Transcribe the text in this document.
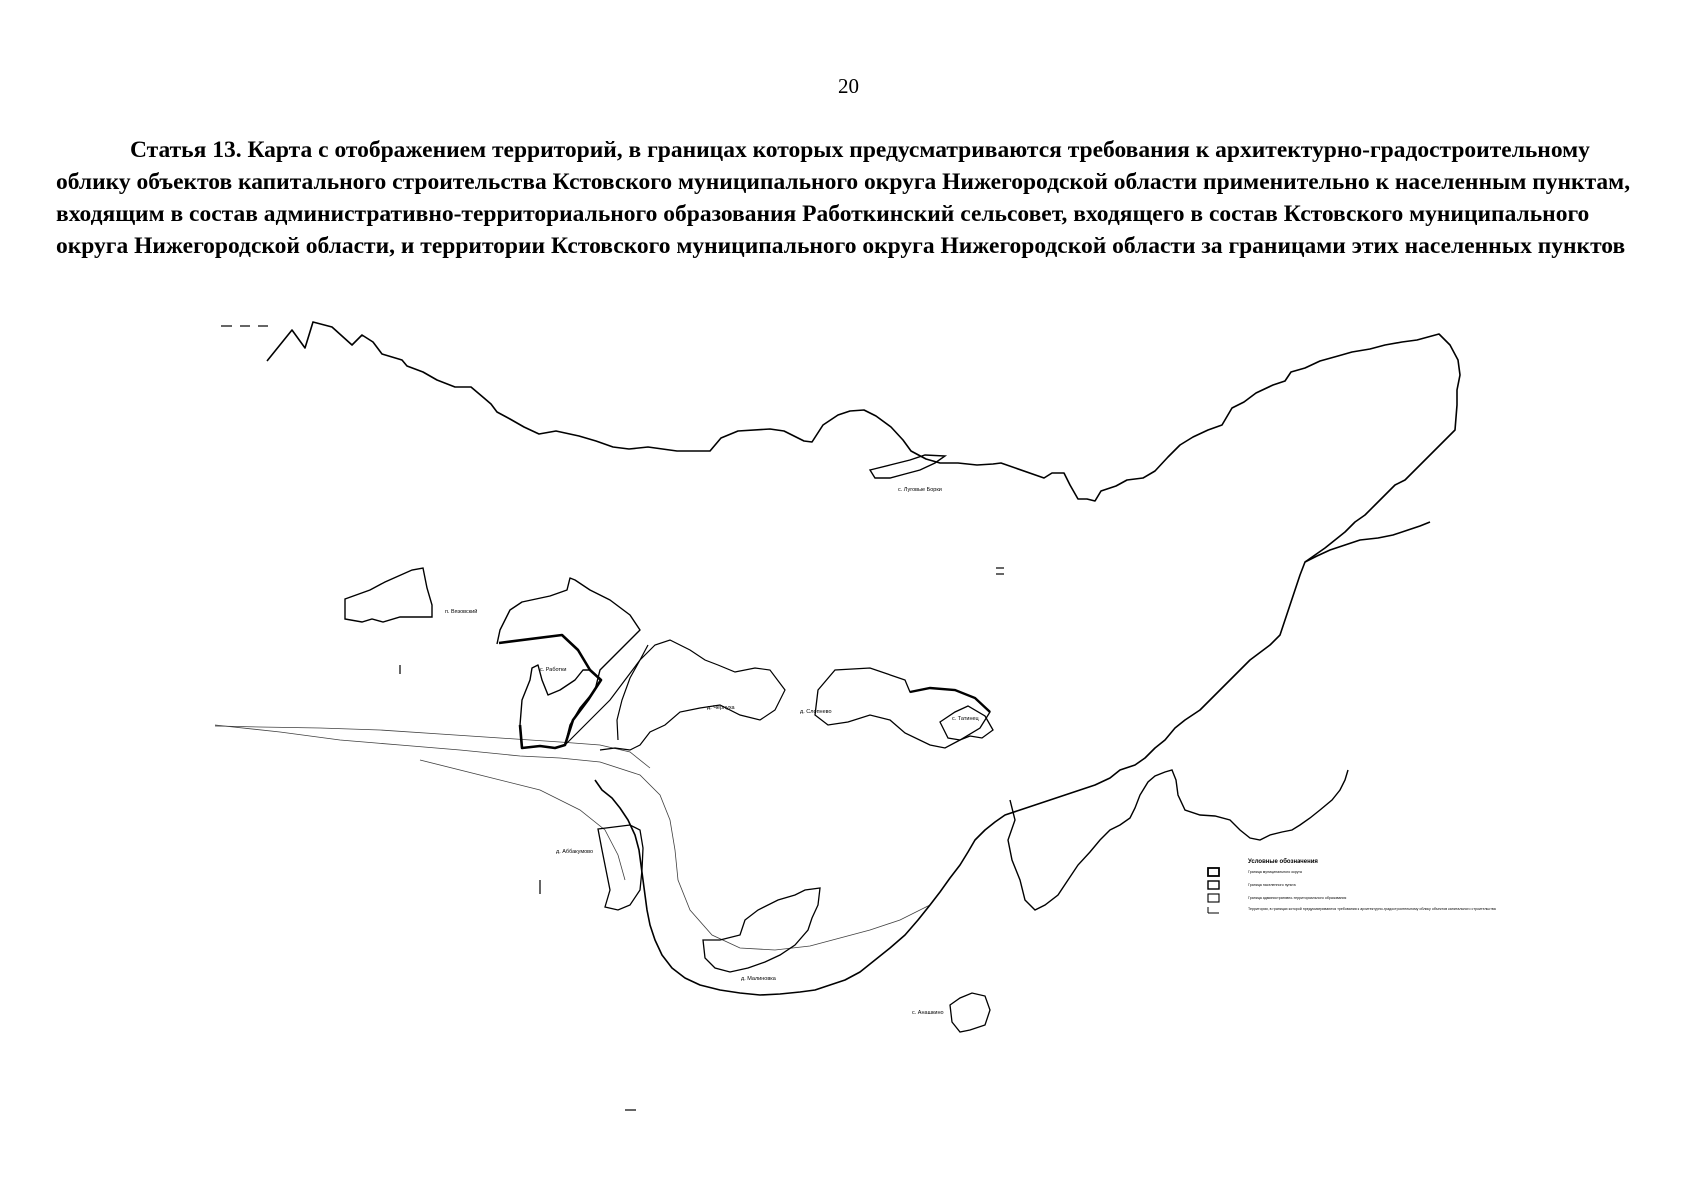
20
Статья 13. Карта с отображением территорий, в границах которых предусматриваются требования к архитектурно-градостроительному облику объектов капитального строительства Кстовского муниципального округа Нижегородской области применительно к населенным пунктам, входящим в состав административно-территориального образования Работкинский сельсовет, входящего в состав Кстовского муниципального округа Нижегородской области, и территории Кстовского муниципального округа Нижегородской области за границами этих населенных пунктов
с. Луговые Борки
п. Вязовский
с. Работки
д. Чернуха
д. Слопнево
с. Татинец
д. Аббакумово
д. Малиновка
с. Анашкино
Условные обозначения
Граница муниципального округа
Граница населенного пункта
Граница административно-территориального образования
Территории, в границах которой предусматриваются требования к архитектурно-градостроительному облику объектов капитального строительства
